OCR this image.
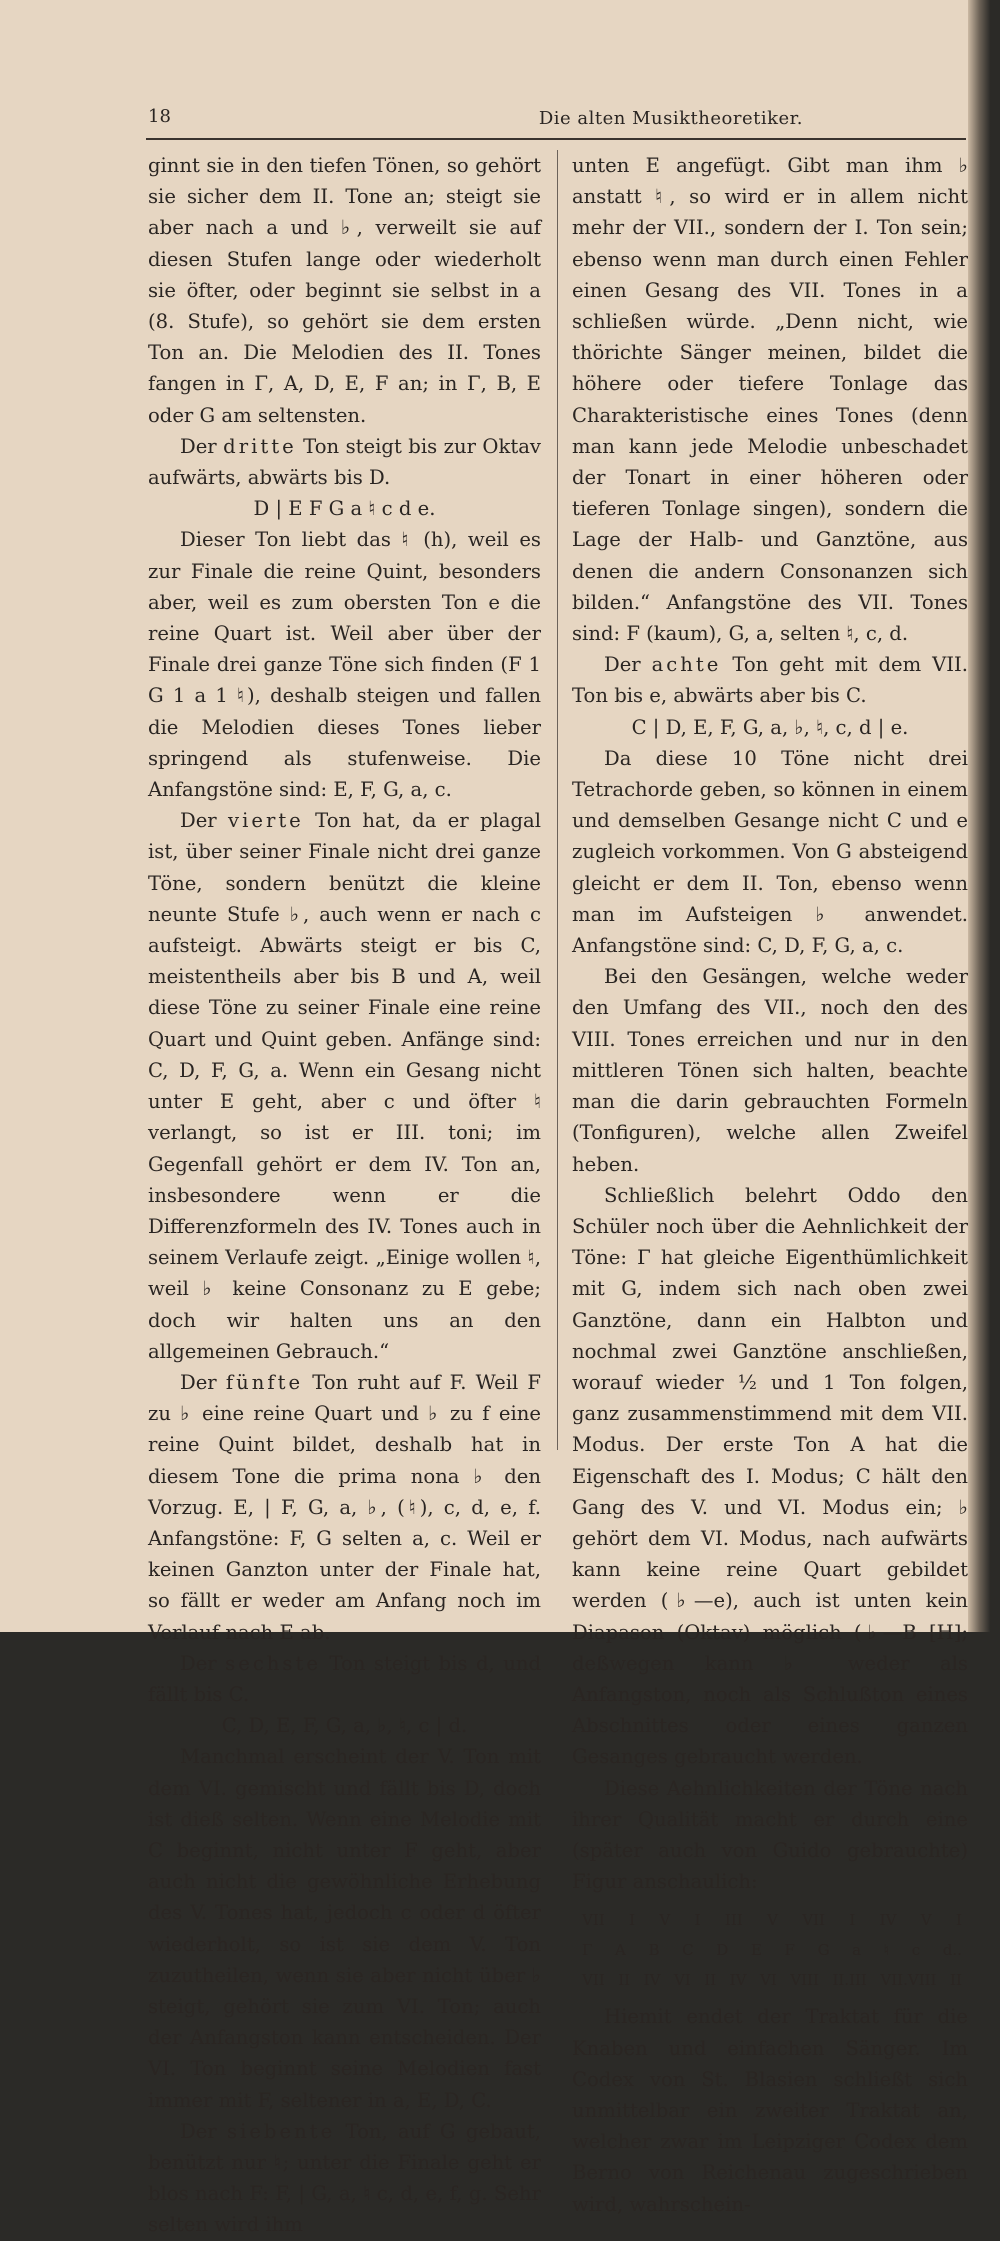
18	Die alten Musiktheoretiker.

ginnt sie in den tiefen Tönen, so gehört sie sicher dem II. Tone an; steigt sie aber nach a und ♭, verweilt sie auf diesen Stufen lange oder wiederholt sie öfter, oder beginnt sie selbst in a (8. Stufe), so gehört sie dem ersten Ton an. Die Melodien des II. Tones fangen in Γ, A, D, E, F an; in Γ, B, E oder G am seltensten.

Der dritte Ton steigt bis zur Oktav aufwärts, abwärts bis D.

D | E F G a ♮ c d e.

Dieser Ton liebt das ♮ (h), weil es zur Finale die reine Quint, besonders aber, weil es zum obersten Ton e die reine Quart ist. Weil aber über der Finale drei ganze Töne sich finden (F 1 G 1 a 1 ♮), deshalb steigen und fallen die Melodien dieses Tones lieber springend als stufenweise. Die Anfangstöne sind: E, F, G, a, c.

Der vierte Ton hat, da er plagal ist, über seiner Finale nicht drei ganze Töne, sondern benützt die kleine neunte Stufe ♭, auch wenn er nach c aufsteigt. Abwärts steigt er bis C, meistentheils aber bis B und A, weil diese Töne zu seiner Finale eine reine Quart und Quint geben. Anfänge sind: C, D, F, G, a. Wenn ein Gesang nicht unter E geht, aber c und öfter ♮ verlangt, so ist er III. toni; im Gegenfall gehört er dem IV. Ton an, insbesondere wenn er die Differenzformeln des IV. Tones auch in seinem Verlaufe zeigt. „Einige wollen ♮, weil ♭ keine Consonanz zu E gebe; doch wir halten uns an den allgemeinen Gebrauch.“

Der fünfte Ton ruht auf F. Weil F zu ♭ eine reine Quart und ♭ zu f eine reine Quint bildet, deshalb hat in diesem Tone die prima nona ♭ den Vorzug. E, | F, G, a, ♭, (♮), c, d, e, f. Anfangstöne: F, G selten a, c. Weil er keinen Ganzton unter der Finale hat, so fällt er weder am Anfang noch im Verlauf nach E ab.

Der sechste Ton steigt bis d, und fällt bis C.

C, D, E, F, G, a, ♭, ♮, c | d.

Manchmal erscheint der V. Ton mit dem VI. gemischt und fällt bis D, doch ist dieß selten. Wenn eine Melodie mit C beginnt, nicht unter F geht, aber auch nicht die gewöhnliche Erhebung des V. Tones hat, jedoch c oder d öfter wiederholt, so ist sie dem V. Ton zuzutheilen, wenn sie aber nicht über ♭ steigt, gehört sie zum VI. Ton; auch der Anfangston kann entscheiden. Der VI. Ton beginnt seine Melodien fast immer mit F, seltener in a, E, D, C.

Der siebente Ton, auf G gebaut, benützt nur ♮; unter die Finale geht er blos nach F: F, | G, a, ♮ c, d, e, f, g. Sehr selten wird ihm

unten E angefügt. Gibt man ihm ♭ anstatt ♮, so wird er in allem nicht mehr der VII., sondern der I. Ton sein; ebenso wenn man durch einen Fehler einen Gesang des VII. Tones in a schließen würde. „Denn nicht, wie thörichte Sänger meinen, bildet die höhere oder tiefere Tonlage das Charakteristische eines Tones (denn man kann jede Melodie unbeschadet der Tonart in einer höheren oder tieferen Tonlage singen), sondern die Lage der Halb- und Ganztöne, aus denen die andern Consonanzen sich bilden.“ Anfangstöne des VII. Tones sind: F (kaum), G, a, selten ♮, c, d.

Der achte Ton geht mit dem VII. Ton bis e, abwärts aber bis C.

C | D, E, F, G, a, ♭, ♮, c, d | e.

Da diese 10 Töne nicht drei Tetrachorde geben, so können in einem und demselben Gesange nicht C und e zugleich vorkommen. Von G absteigend gleicht er dem II. Ton, ebenso wenn man im Aufsteigen ♭ anwendet. Anfangstöne sind: C, D, F, G, a, c.

Bei den Gesängen, welche weder den Umfang des VII., noch den des VIII. Tones erreichen und nur in den mittleren Tönen sich halten, beachte man die darin gebrauchten Formeln (Tonfiguren), welche allen Zweifel heben.

Schließlich belehrt Oddo den Schüler noch über die Aehnlichkeit der Töne: Γ hat gleiche Eigenthümlichkeit mit G, indem sich nach oben zwei Ganztöne, dann ein Halbton und nochmal zwei Ganztöne anschließen, worauf wieder ½ und 1 Ton folgen, ganz zusammenstimmend mit dem VII. Modus. Der erste Ton A hat die Eigenschaft des I. Modus; C hält den Gang des V. und VI. Modus ein; ♭ gehört dem VI. Modus, nach aufwärts kann keine reine Quart gebildet werden (♭—e), auch ist unten kein Diapason (Oktav) möglich (♭—B [H]; deßwegen kann ♭ weder als Anfangston, noch als Schlußton eines Abschnittes oder eines ganzen Gesanges gebraucht werden.

Diese Aehnlichkeiten der Töne nach ihrer Qualität macht er durch eine (später auch von Guido gebrauchte) Figur anschaulich:

VII I V I III V VII I IV V I
Γ A B C D E F G a ♮ c d..
VII II IV VI II IV VI VIII II.III VII.VIII II

Hiemit endet der Traktat für die Knaben und einfachen Sänger. Im Codex von St. Blasien schließt sich unmittelbar ein zweiter Traktat an, welcher zwar im Leipziger Codex dem Berno von Reichenau zugeschrieben wird, wahrschein-
